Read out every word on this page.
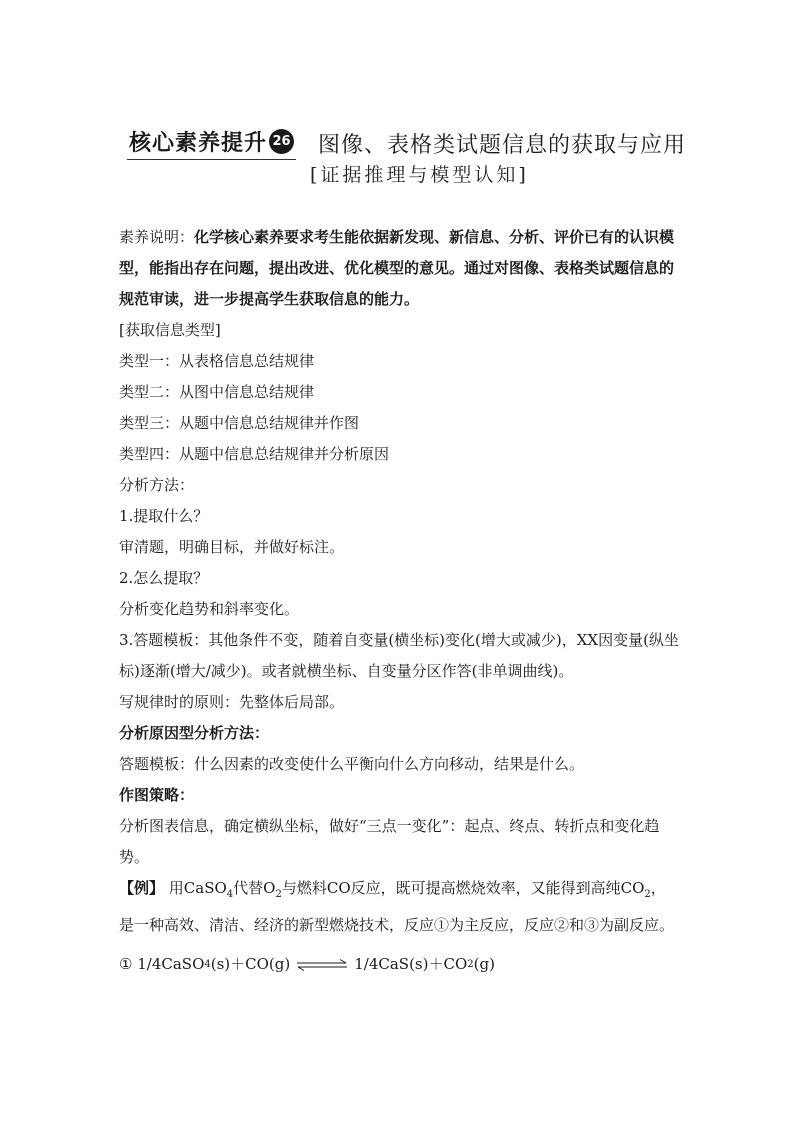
核心素养提升 26 图像、表格类试题信息的获取与应用
[证据推理与模型认知]

素养说明：化学核心素养要求考生能依据新发现、新信息、分析、评价已有的认识模型，能指出存在问题，提出改进、优化模型的意见。通过对图像、表格类试题信息的规范审读，进一步提高学生获取信息的能力。

[获取信息类型]

类型一：从表格信息总结规律

类型二：从图中信息总结规律

类型三：从题中信息总结规律并作图

类型四：从题中信息总结规律并分析原因

分析方法：

1.提取什么？

审清题，明确目标，并做好标注。

2.怎么提取？

分析变化趋势和斜率变化。

3.答题模板：其他条件不变，随着自变量(横坐标)变化(增大或减少)，XX因变量(纵坐标)逐渐(增大/减少)。或者就横坐标、自变量分区作答(非单调曲线)。

写规律时的原则：先整体后局部。

分析原因型分析方法：

答题模板：什么因素的改变使什么平衡向什么方向移动，结果是什么。

作图策略：

分析图表信息，确定横纵坐标，做好“三点一变化”：起点、终点、转折点和变化趋势。

【例】 用CaSO$_4$代替$O_2$与燃料CO反应，既可提高燃烧效率，又能得到高纯$CO_2$，是一种高效、清洁、经济的新型燃烧技术，反应①为主反应，反应②和③为副反应。

①
1/4CaSO 4 (s)＋CO(g) ⇌ 1/4CaS(s)＋CO 2 (g)
